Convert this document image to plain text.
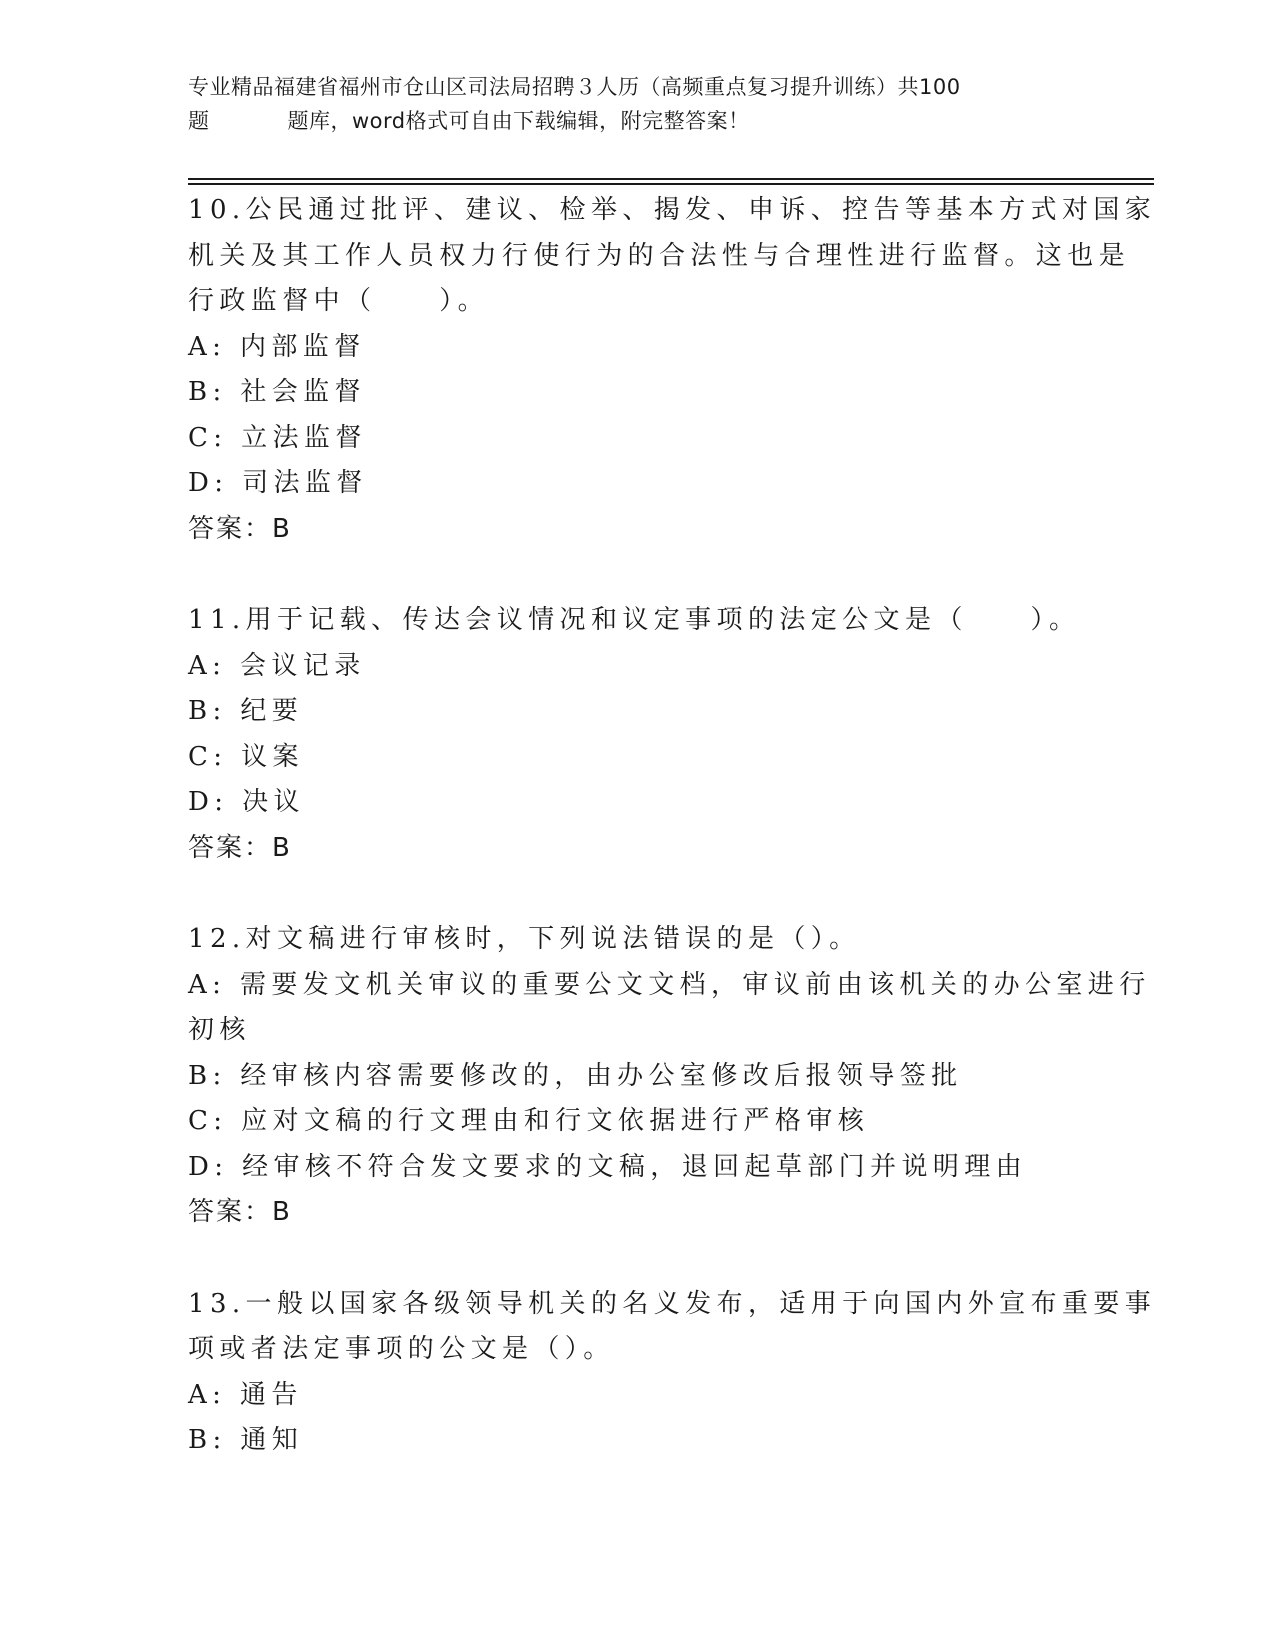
专业精品福建省福州市仓山区司法局招聘３人历（高频重点复习提升训练）共100
题	题库，word格式可自由下载编辑，附完整答案！
10.公民通过批评、建议、检举、揭发、申诉、控告等基本方式对国家
机关及其工作人员权力行使行为的合法性与合理性进行监督。这也是
行政监督中（　　）。
A: 内部监督
B: 社会监督
C: 立法监督
D: 司法监督
答案：B
11.用于记载、传达会议情况和议定事项的法定公文是（　　）。
A: 会议记录
B: 纪要
C: 议案
D: 决议
答案：B
12.对文稿进行审核时，下列说法错误的是（）。
A: 需要发文机关审议的重要公文文档，审议前由该机关的办公室进行
初核
B: 经审核内容需要修改的，由办公室修改后报领导签批
C: 应对文稿的行文理由和行文依据进行严格审核
D: 经审核不符合发文要求的文稿，退回起草部门并说明理由
答案：B
13.一般以国家各级领导机关的名义发布，适用于向国内外宣布重要事
项或者法定事项的公文是（）。
A: 通告
B: 通知
